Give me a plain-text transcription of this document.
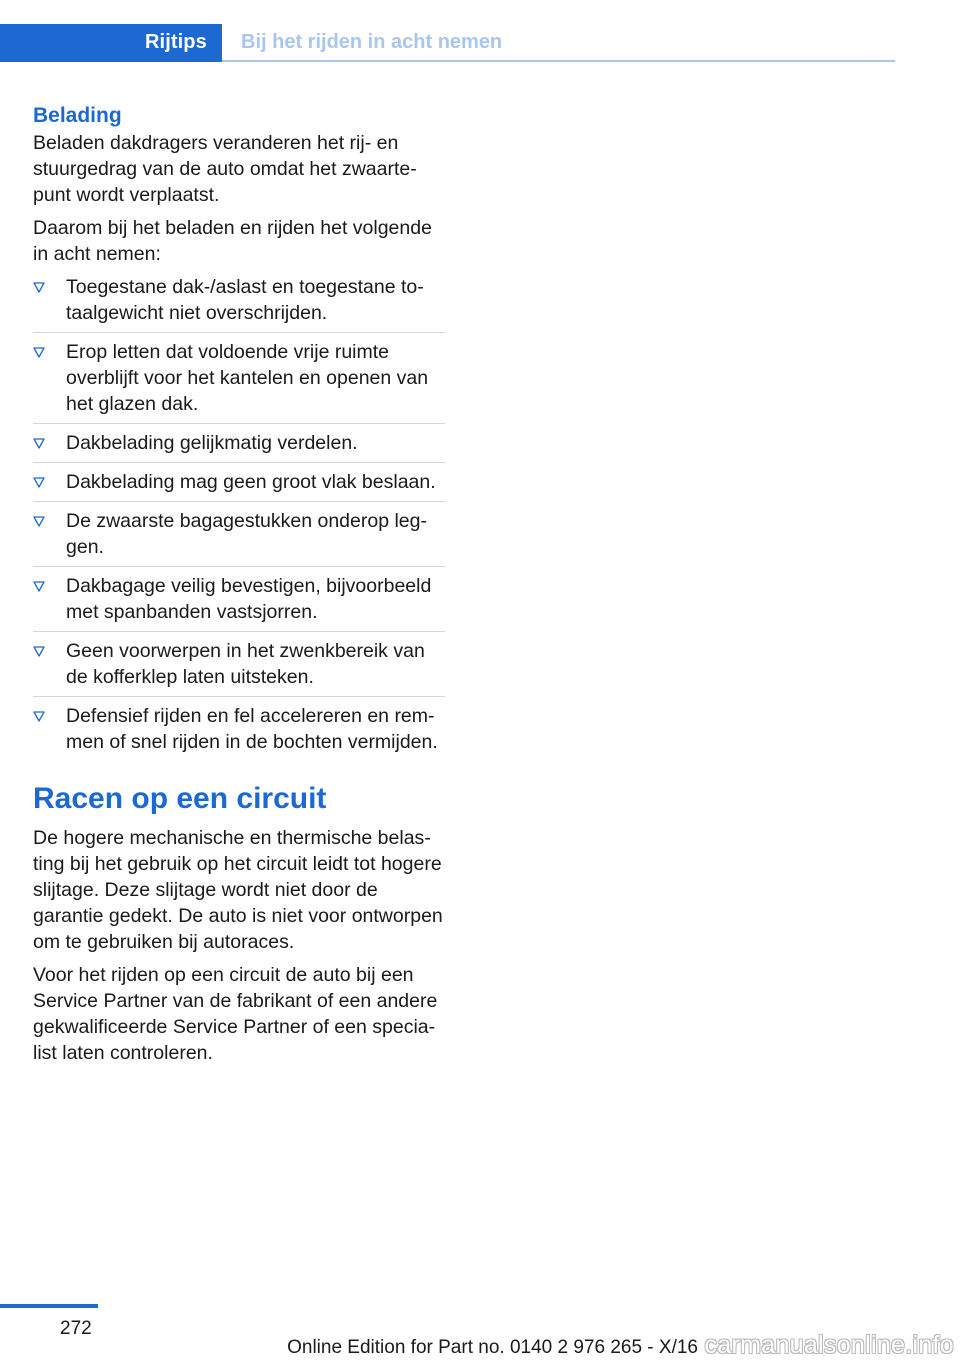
Rijtips Bij het rijden in acht nemen
Belading

Beladen dakdragers veranderen het rij- en stuurgedrag van de auto omdat het zwaartepunt wordt verplaatst.

Daarom bij het beladen en rijden het volgende in acht nemen:

Toegestane dak-/aslast en toegestane totaalgewicht niet overschrijden.
Erop letten dat voldoende vrije ruimte overblijft voor het kantelen en openen van het glazen dak.
Dakbelading gelijkmatig verdelen.
Dakbelading mag geen groot vlak beslaan.
De zwaarste bagagestukken onderop leggen.
Dakbagage veilig bevestigen, bijvoorbeeld met spanbanden vastsjorren.
Geen voorwerpen in het zwenkbereik van de kofferklep laten uitsteken.
Defensief rijden en fel accelereren en remmen of snel rijden in de bochten vermijden.
Racen op een circuit

De hogere mechanische en thermische belasting bij het gebruik op het circuit leidt tot hogere slijtage. Deze slijtage wordt niet door de garantie gedekt. De auto is niet voor ontworpen om te gebruiken bij autoraces.

Voor het rijden op een circuit de auto bij een Service Partner van de fabrikant of een andere gekwalificeerde Service Partner of een specialist laten controleren.

272
Online Edition for Part no. 0140 2 976 265 - X/16 carmanualsonline.info
